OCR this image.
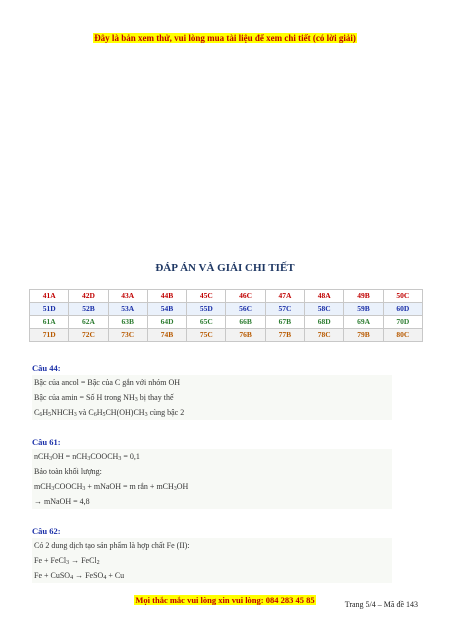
Đây là bản xem thử, vui lòng mua tài liệu để xem chi tiết (có lời giải)
ĐÁP ÁN VÀ GIẢI CHI TIẾT
41A	42D	43A	44B	45C	46C	47A	48A	49B	50C
51D	52B	53A	54B	55D	56C	57C	58C	59B	60D
61A	62A	63B	64D	65C	66B	67B	68D	69A	70D
71D	72C	73C	74B	75C	76B	77B	78C	79B	80C
Câu 44:
Bậc của ancol = Bậc của C gắn với nhóm OH
Bậc của amin = Số H trong $NH_3$ bị thay thế
$C_6H_5NHCH_3$ và $C_6H_5CH(OH)CH_3$ cùng bậc 2
Câu 61:
$nCH_3OH = nCH_3COOCH_3 = 0,1$
Bảo toàn khối lượng:
$mCH_3COOCH_3$ + mNaOH = m rắn + mCH$_3$OH
→ mNaOH = 4,8
Câu 62:
Có 2 dung dịch tạo sản phẩm là hợp chất Fe (II):
Fe + FeCl$_3$ → FeCl$_2$
Fe + CuSO$_4$ → FeSO$_4$ + Cu
Mọi thắc mắc vui lòng xin vui lòng: 084 283 45 85	Trang 5/4 – Mã đề 143
